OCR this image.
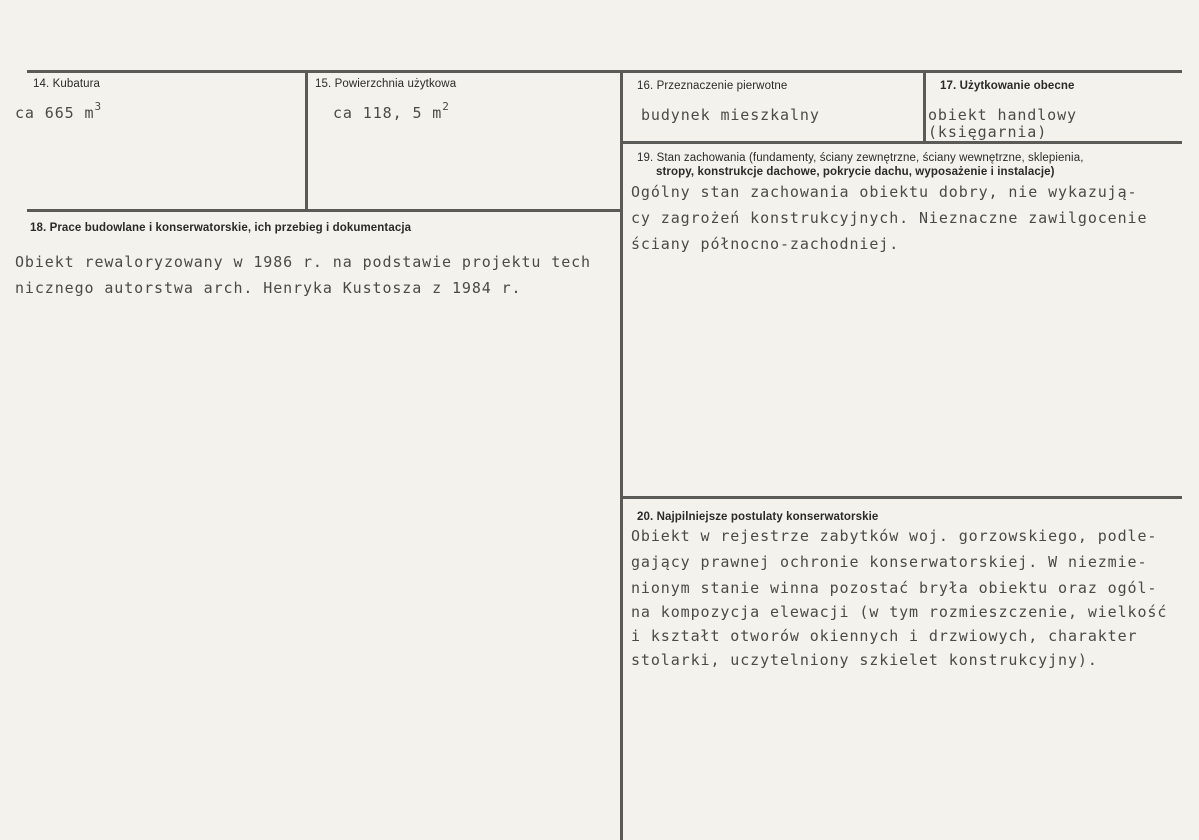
14. Kubatura
ca 665 $m^3$
15. Powierzchnia użytkowa
ca 118, 5 $m^2$
16. Przeznaczenie pierwotne
budynek mieszkalny
17. Użytkowanie obecne
obiekt handlowy
(księgarnia)
18. Prace budowlane i konserwatorskie, ich przebieg i dokumentacja
Obiekt rewaloryzowany w 1986 r. na podstawie projektu tech
nicznego autorstwa arch. Henryka Kustosza z 1984 r.
19. Stan zachowania (fundamenty, ściany zewnętrzne, ściany wewnętrzne, sklepienia,
stropy, konstrukcje dachowe, pokrycie dachu, wyposażenie i instalacje)
Ogólny stan zachowania obiektu dobry, nie wykazują-
cy zagrożeń konstrukcyjnych. Nieznaczne zawilgocenie
ściany północno-zachodniej.
20. Najpilniejsze postulaty konserwatorskie
Obiekt w rejestrze zabytków woj. gorzowskiego, podle-
gający prawnej ochronie konserwatorskiej. W niezmie-
nionym stanie winna pozostać bryła obiektu oraz ogól-
na kompozycja elewacji (w tym rozmieszczenie, wielkość
i kształt otworów okiennych i drzwiowych, charakter
stolarki, uczytelniony szkielet konstrukcyjny).
